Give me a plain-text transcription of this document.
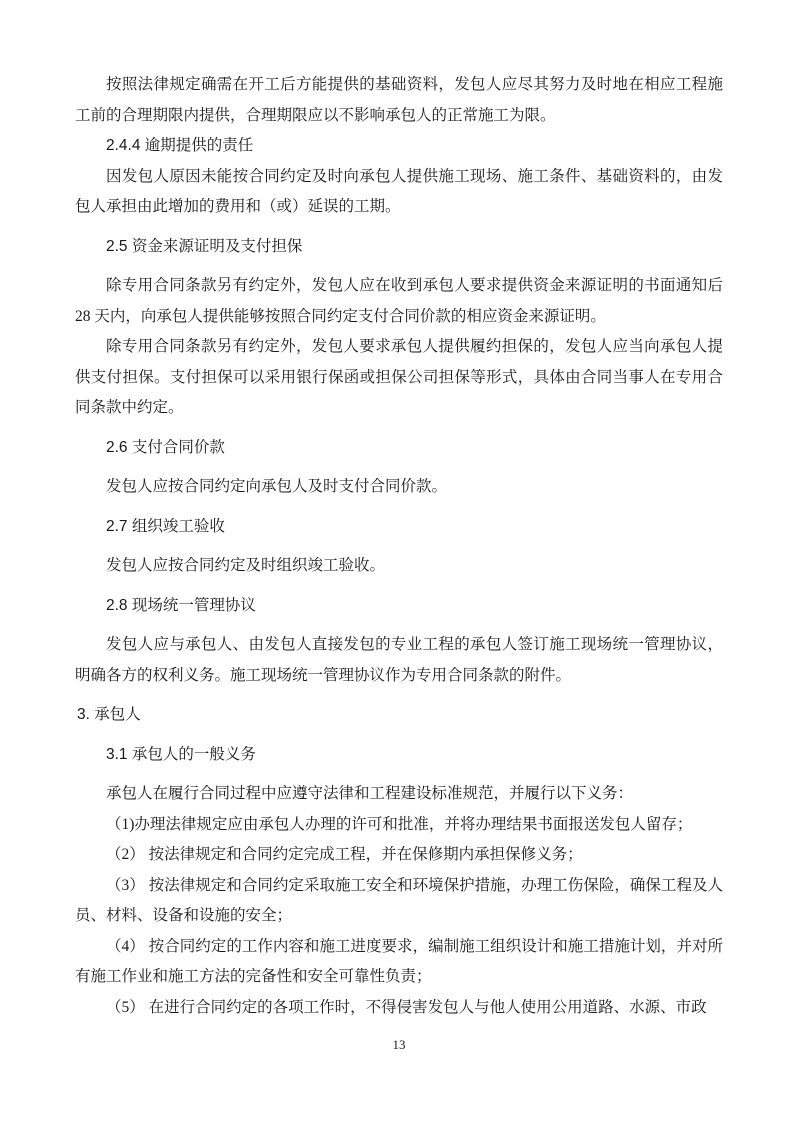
按照法律规定确需在开工后方能提供的基础资料，发包人应尽其努力及时地在相应工程施工前的合理期限内提供，合理期限应以不影响承包人的正常施工为限。

2.4.4 逾期提供的责任

因发包人原因未能按合同约定及时向承包人提供施工现场、施工条件、基础资料的，由发包人承担由此增加的费用和（或）延误的工期。

2.5 资金来源证明及支付担保

除专用合同条款另有约定外，发包人应在收到承包人要求提供资金来源证明的书面通知后 28 天内，向承包人提供能够按照合同约定支付合同价款的相应资金来源证明。

除专用合同条款另有约定外，发包人要求承包人提供履约担保的，发包人应当向承包人提供支付担保。支付担保可以采用银行保函或担保公司担保等形式，具体由合同当事人在专用合同条款中约定。

2.6 支付合同价款

发包人应按合同约定向承包人及时支付合同价款。

2.7 组织竣工验收

发包人应按合同约定及时组织竣工验收。

2.8 现场统一管理协议

发包人应与承包人、由发包人直接发包的专业工程的承包人签订施工现场统一管理协议，明确各方的权利义务。施工现场统一管理协议作为专用合同条款的附件。

3. 承包人

3.1 承包人的一般义务

承包人在履行合同过程中应遵守法律和工程建设标准规范，并履行以下义务：

（1)办理法律规定应由承包人办理的许可和批准，并将办理结果书面报送发包人留存；

（2） 按法律规定和合同约定完成工程，并在保修期内承担保修义务；

（3） 按法律规定和合同约定采取施工安全和环境保护措施，办理工伤保险，确保工程及人员、材料、设备和设施的安全；

（4） 按合同约定的工作内容和施工进度要求，编制施工组织设计和施工措施计划，并对所有施工作业和施工方法的完备性和安全可靠性负责；

（5） 在进行合同约定的各项工作时，不得侵害发包人与他人使用公用道路、水源、市政

13
